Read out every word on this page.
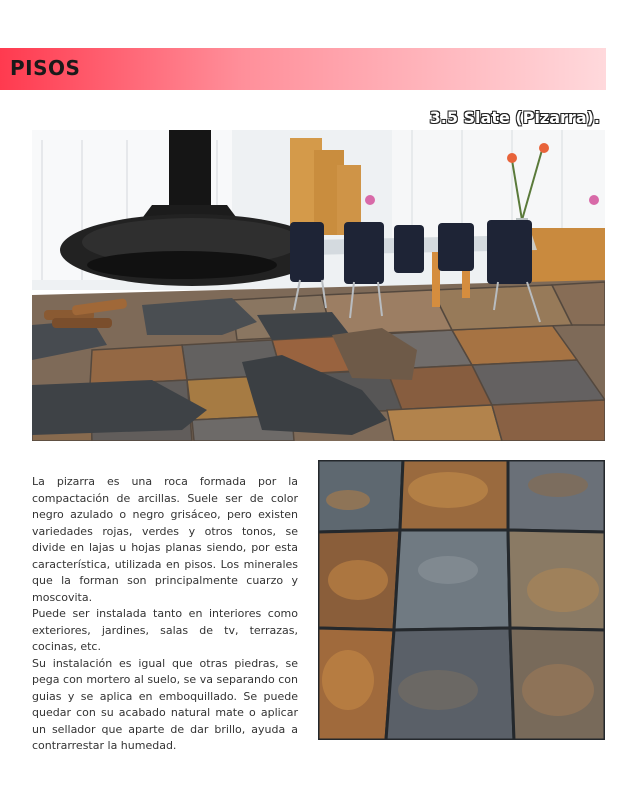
PISOS
3.5 Slate (Pizarra).

La pizarra es una roca formada por la compactación de arcillas. Suele ser de color negro azulado o negro grisáceo, pero existen variedades rojas, verdes y otros tonos, se divide en lajas u hojas planas siendo, por esta característica, utilizada en pisos. Los minerales que la forman son principalmente cuarzo y moscovita.

Puede ser instalada tanto en interiores como exteriores, jardines, salas de tv, terrazas, cocinas, etc.

Su instalación es igual que otras piedras, se pega con mortero al suelo, se va separando con guias y se aplica en emboquillado. Se puede quedar con su acabado natural mate o aplicar un sellador que aparte de dar brillo, ayuda a contrarrestar la humedad.
